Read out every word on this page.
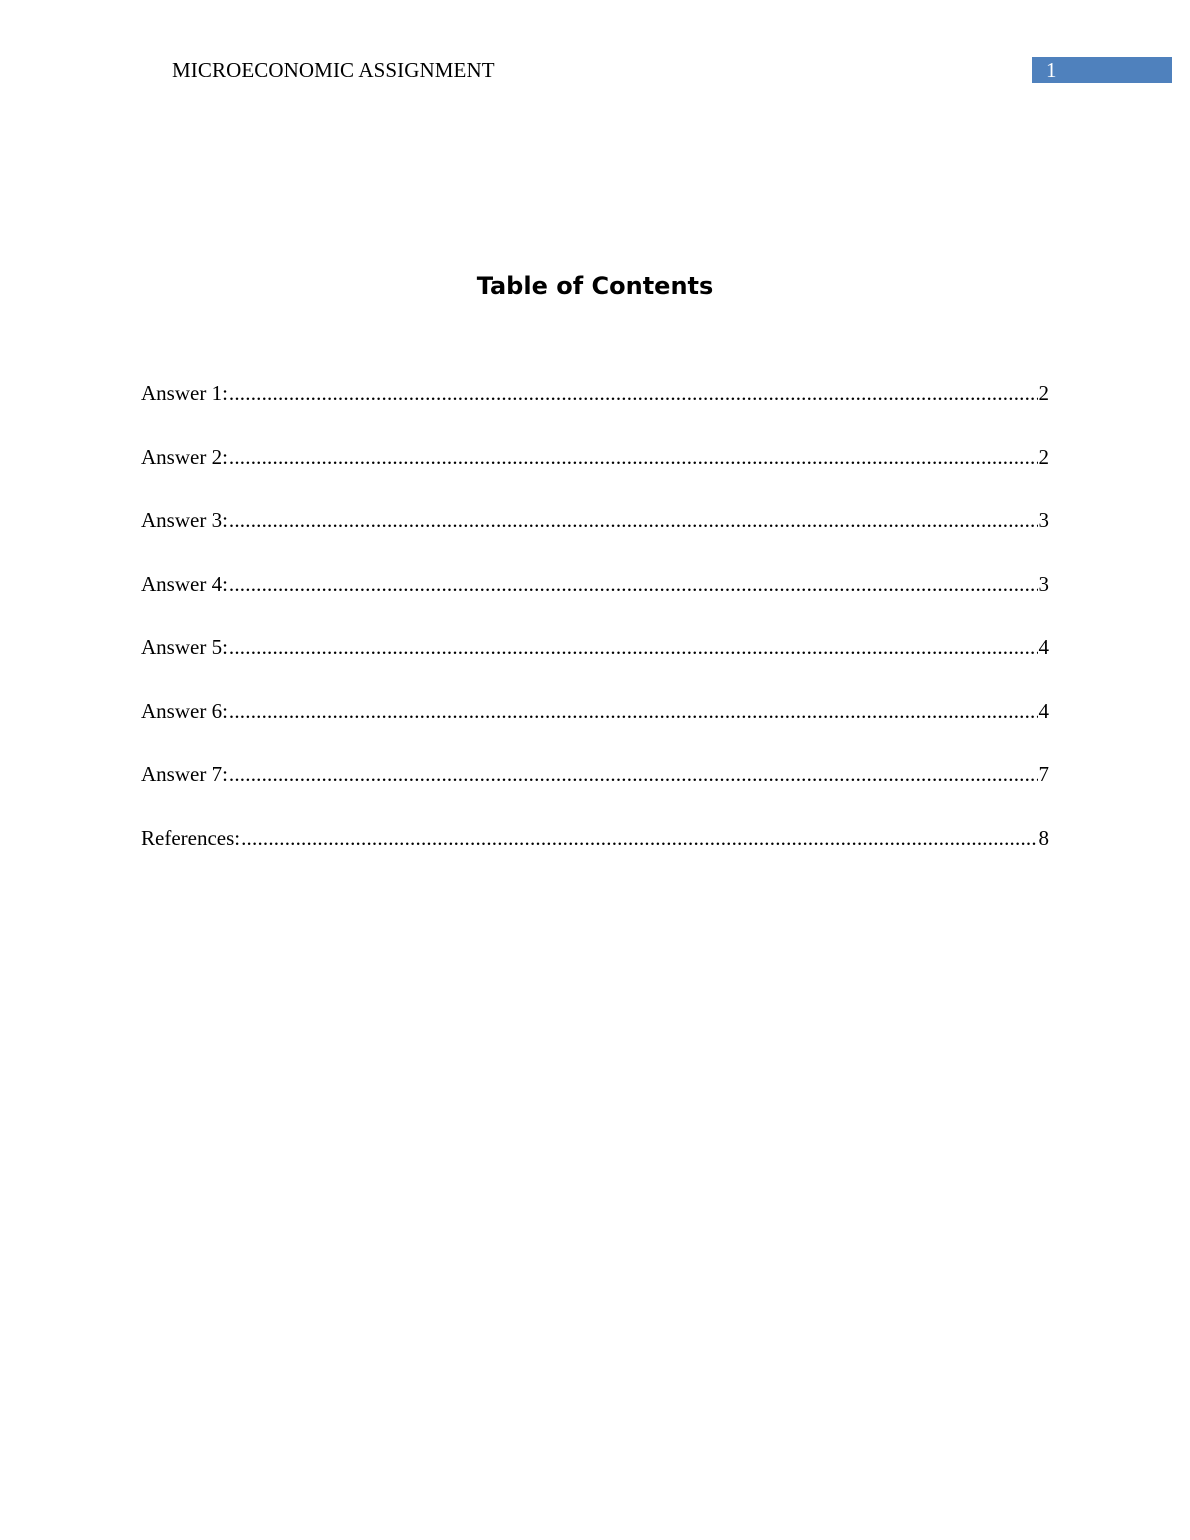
MICROECONOMIC ASSIGNMENT	1
Table of Contents
Answer 1: .....	2
Answer 2: .....	2
Answer 3: .....	3
Answer 4: .....	3
Answer 5: .....	4
Answer 6: .....	4
Answer 7: .....	7
References: .....	8
